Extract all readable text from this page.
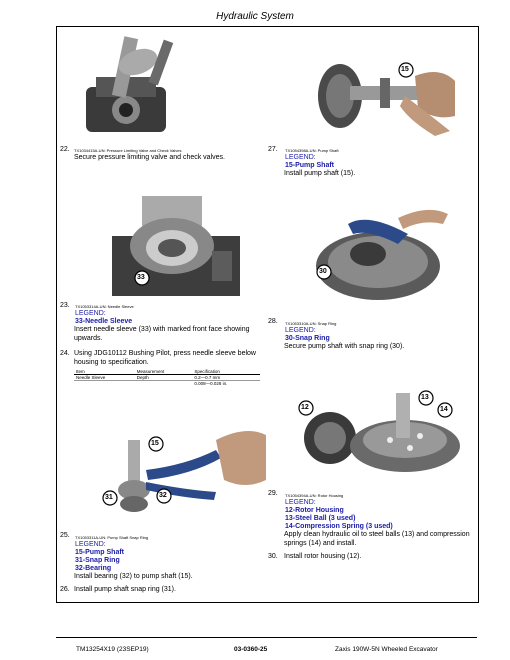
Hydraulic System
22. TX1034415A-UN: Pressure Limiting Valve and Check Valves
Secure pressure limiting valve and check valves.
15
27. TX1054398A-UN: Pump Shaft
LEGEND:
15-Pump Shaft
Install pump shaft (15).
33
23. TX1053314A-UN: Needle Sleeve
LEGEND:
33-Needle Sleeve
Insert needle sleeve (33) with marked front face showing upwards.
24. Using JDG10112 Bushing Pilot, press needle sleeve below housing to specification.
Item	Measurement	Specification
Needle Sleeve	Depth	0.2—0.7 mm
		0.008—0.028 in.
30
28. TX1053310A-UN: Snap Ring
LEGEND:
30-Snap Ring
Secure pump shaft with snap ring (30).
12
13
14
15
31	32	29. TX1054394A-UN: Rotor Housing
LEGEND:
12-Rotor Housing
13-Steel Ball (3 used)
14-Compression Spring (3 used)
Apply clean hydraulic oil to steel balls (13) and compression springs (14) and install.
30. Install rotor housing (12).
25. TX1053311A-UN: Pump Shaft Snap Ring
LEGEND:
15-Pump Shaft
31-Snap Ring
32-Bearing
Install bearing (32) to pump shaft (15).
26. Install pump shaft snap ring (31).
TM13254X19 (23SEP19)	03-0360-25	Zaxis 190W-5N Wheeled Excavator
